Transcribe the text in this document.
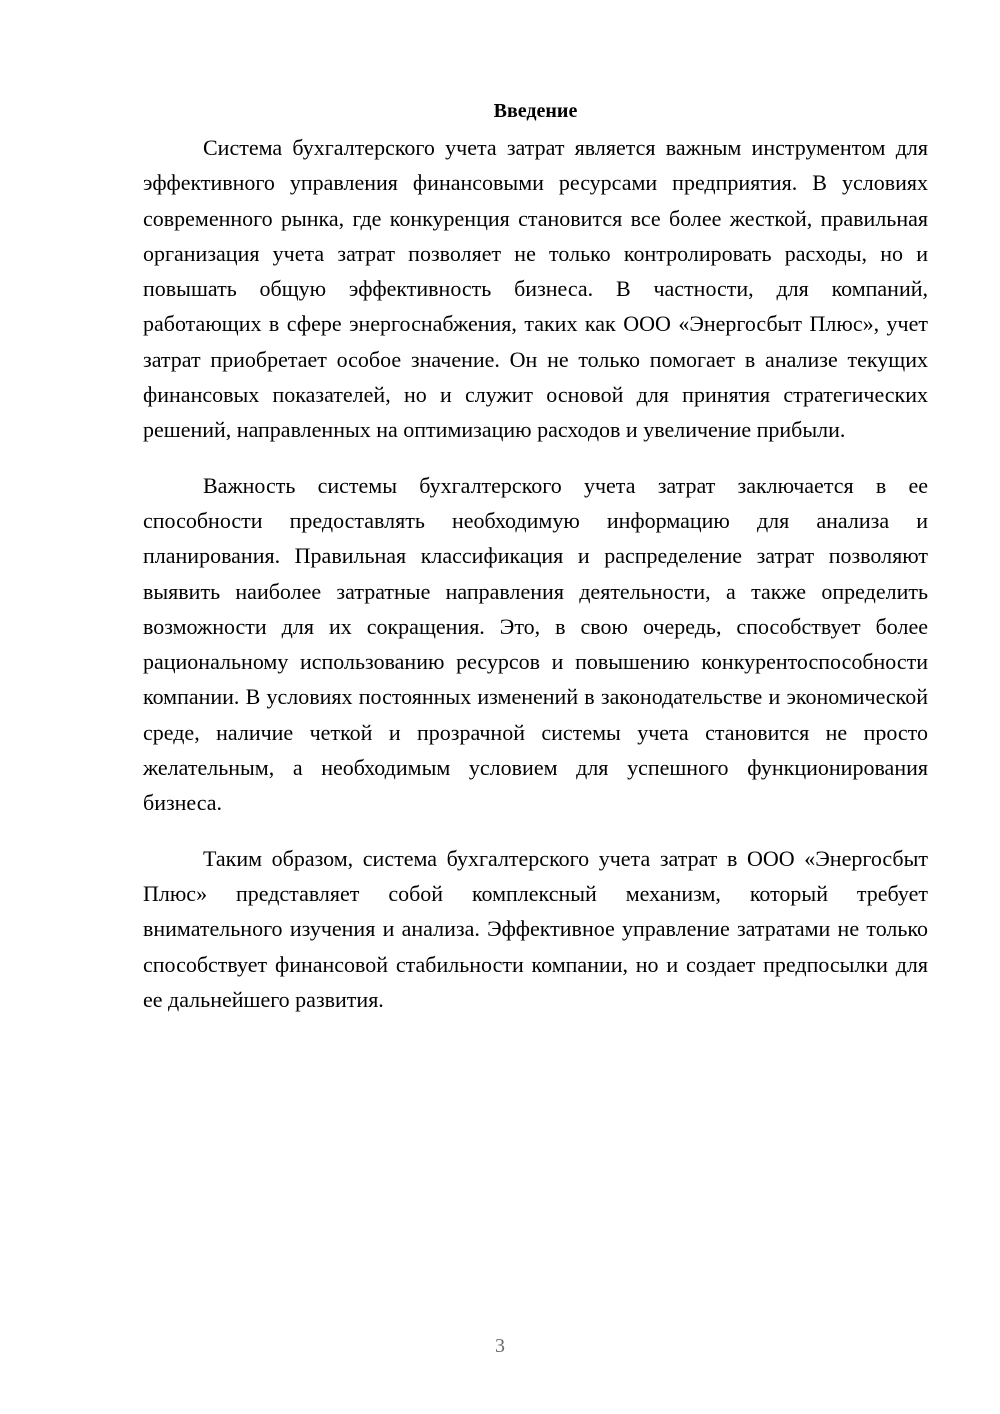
Введение

Система бухгалтерского учета затрат является важным инструментом для эффективного управления финансовыми ресурсами предприятия. В условиях современного рынка, где конкуренция становится все более жесткой, правильная организация учета затрат позволяет не только контролировать расходы, но и повышать общую эффективность бизнеса. В частности, для компаний, работающих в сфере энергоснабжения, таких как ООО «Энергосбыт Плюс», учет затрат приобретает особое значение. Он не только помогает в анализе текущих финансовых показателей, но и служит основой для принятия стратегических решений, направленных на оптимизацию расходов и увеличение прибыли.

Важность системы бухгалтерского учета затрат заключается в ее способности предоставлять необходимую информацию для анализа и планирования. Правильная классификация и распределение затрат позволяют выявить наиболее затратные направления деятельности, а также определить возможности для их сокращения. Это, в свою очередь, способствует более рациональному использованию ресурсов и повышению конкурентоспособности компании. В условиях постоянных изменений в законодательстве и экономической среде, наличие четкой и прозрачной системы учета становится не просто желательным, а необходимым условием для успешного функционирования бизнеса.

Таким образом, система бухгалтерского учета затрат в ООО «Энергосбыт Плюс» представляет собой комплексный механизм, который требует внимательного изучения и анализа. Эффективное управление затратами не только способствует финансовой стабильности компании, но и создает предпосылки для ее дальнейшего развития.

3
